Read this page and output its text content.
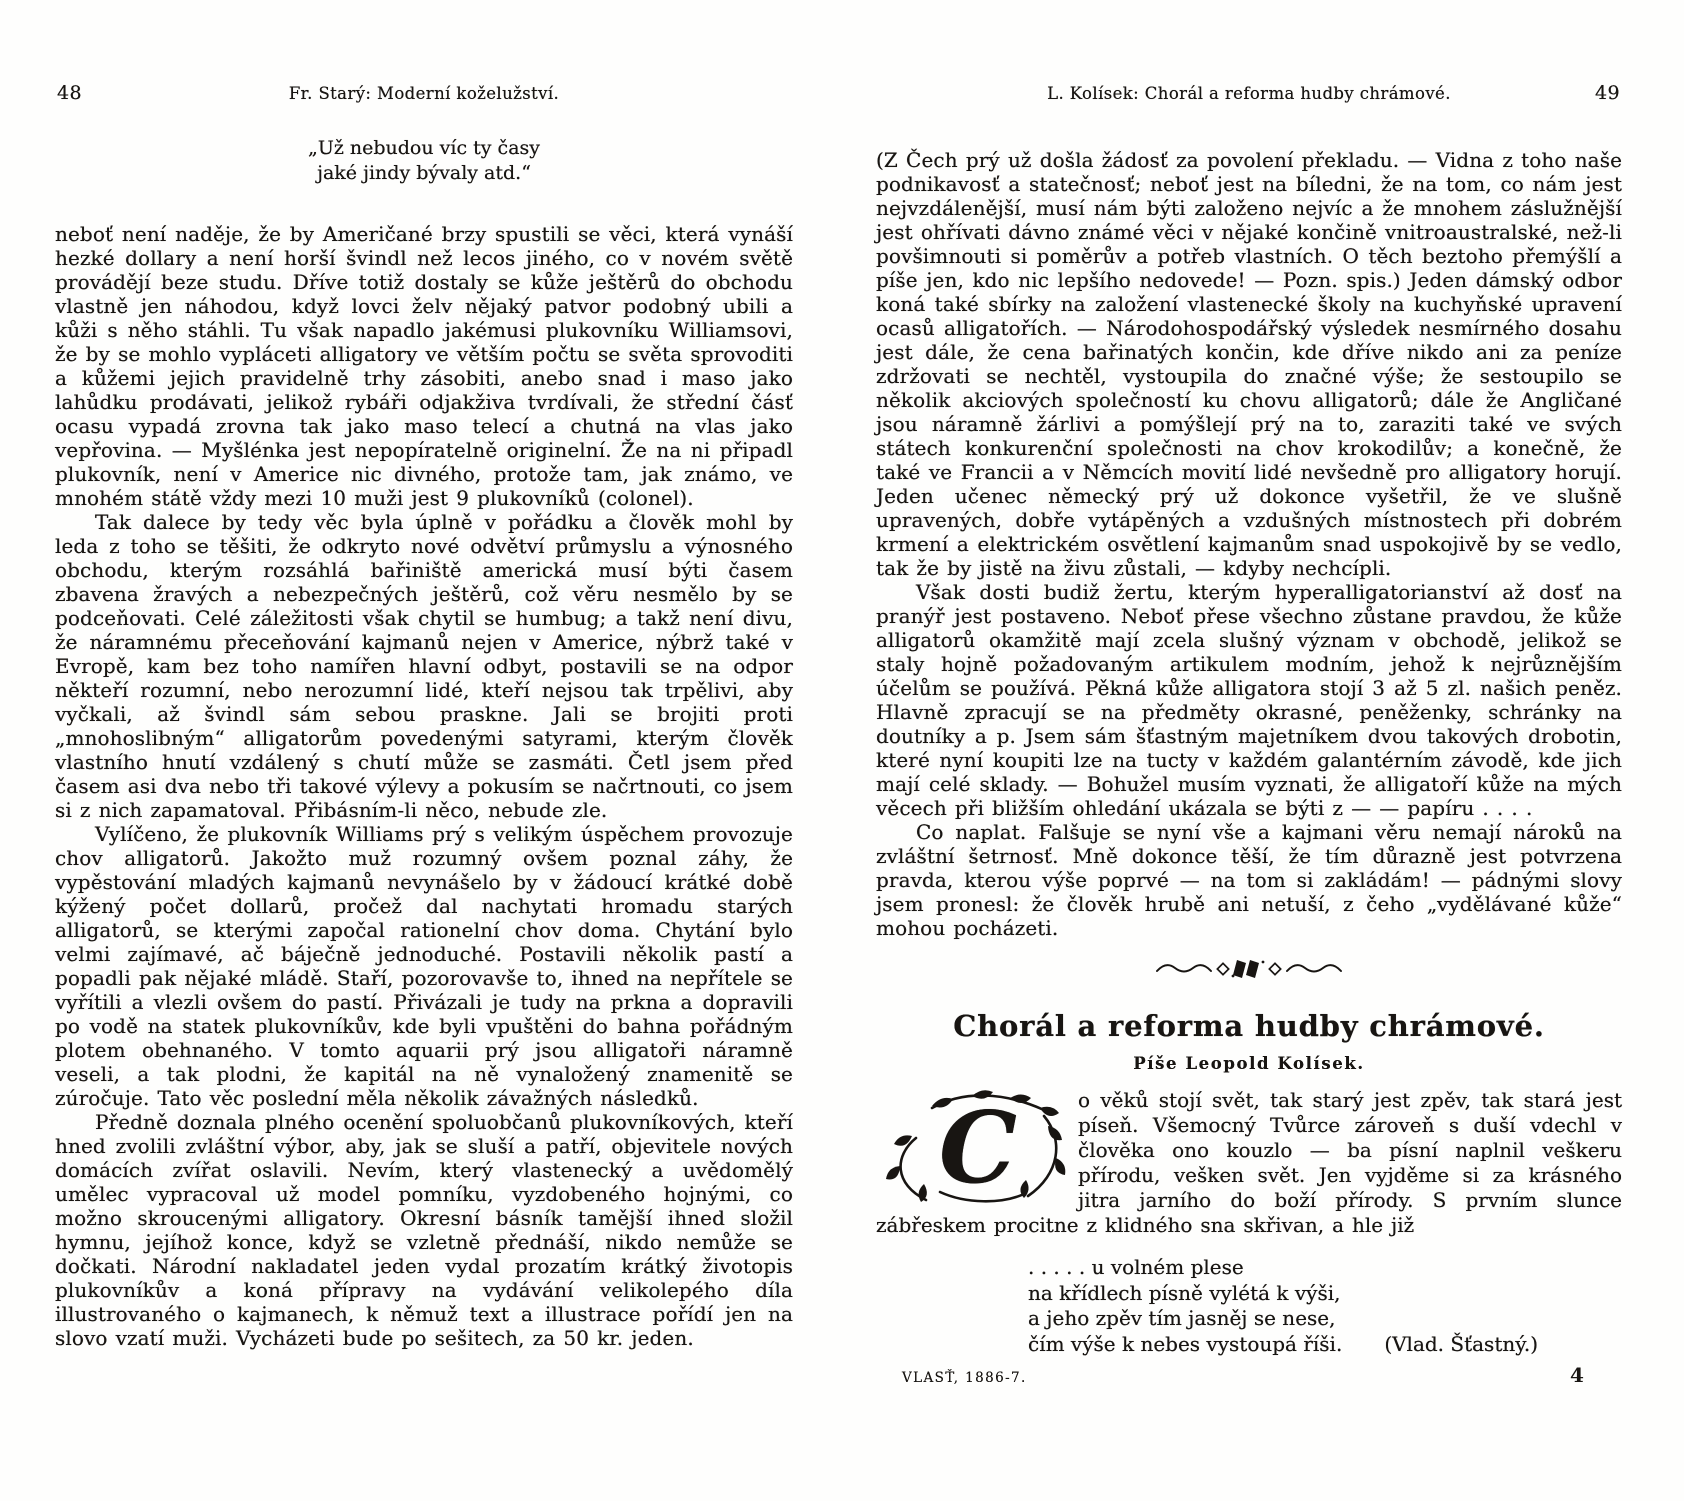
48	Fr. Starý: Moderní koželužství.
„Už nebudou víc ty časy
jaké jindy bývaly atd.“

neboť není naděje, že by Američané brzy spustili se věci, která vynáší hezké dollary a není horší švindl než lecos jiného, co v novém světě provádějí beze studu. Dříve totiž dostaly se kůže ještěrů do obchodu vlastně jen náhodou, když lovci želv nějaký patvor podobný ubili a kůži s něho stáhli. Tu však napadlo jakémusi plukovníku Williamsovi, že by se mohlo vypláceti alligatory ve větším počtu se světa sprovoditi a kůžemi jejich pravidelně trhy zásobiti, anebo snad i maso jako lahůdku prodávati, jelikož rybáři odjakživa tvrdívali, že střední čásť ocasu vypadá zrovna tak jako maso telecí a chutná na vlas jako vepřovina. — Myšlénka jest nepopíratelně originelní. Že na ni připadl plukovník, není v Americe nic divného, protože tam, jak známo, ve mnohém státě vždy mezi 10 muži jest 9 plukovníků (colonel).

Tak dalece by tedy věc byla úplně v pořádku a člověk mohl by leda z toho se těšiti, že odkryto nové odvětví průmyslu a výnosného obchodu, kterým rozsáhlá bařiniště americká musí býti časem zbavena žravých a nebezpečných ještěrů, což věru nesmělo by se podceňovati. Celé záležitosti však chytil se humbug; a takž není divu, že náramnému přeceňování kajmanů nejen v Americe, nýbrž také v Evropě, kam bez toho namířen hlavní odbyt, postavili se na odpor někteří rozumní, nebo nerozumní lidé, kteří nejsou tak trpělivi, aby vyčkali, až švindl sám sebou praskne. Jali se brojiti proti „mnohoslibným“ alligatorům povedenými satyrami, kterým člověk vlastního hnutí vzdálený s chutí může se zasmáti. Četl jsem před časem asi dva nebo tři takové výlevy a pokusím se načrtnouti, co jsem si z nich zapamatoval. Přibásním-li něco, nebude zle.

Vylíčeno, že plukovník Williams prý s velikým úspěchem provozuje chov alligatorů. Jakožto muž rozumný ovšem poznal záhy, že vypěstování mladých kajmanů nevynášelo by v žádoucí krátké době kýžený počet dollarů, pročež dal nachytati hromadu starých alligatorů, se kterými započal rationelní chov doma. Chytání bylo velmi zajímavé, ač báječně jednoduché. Postavili několik pastí a popadli pak nějaké mládě. Staří, pozorovavše to, ihned na nepřítele se vyřítili a vlezli ovšem do pastí. Přivázali je tudy na prkna a dopravili po vodě na statek plukovníkův, kde byli vpuštěni do bahna pořádným plotem obehnaného. V tomto aquarii prý jsou alligatoři náramně veseli, a tak plodni, že kapitál na ně vynaložený znamenitě se zúročuje. Tato věc poslední měla několik závažných následků.

Předně doznala plného ocenění spoluobčanů plukovníkových, kteří hned zvolili zvláštní výbor, aby, jak se sluší a patří, objevitele nových domácích zvířat oslavili. Nevím, který vlastenecký a uvědomělý umělec vypracoval už model pomníku, vyzdobeného hojnými, co možno skroucenými alligatory. Okresní básník tamější ihned složil hymnu, jejíhož konce, když se vzletně přednáší, nikdo nemůže se dočkati. Národní nakladatel jeden vydal prozatím krátký životopis plukovníkův a koná přípravy na vydávání velikolepého díla illustrovaného o kajmanech, k němuž text a illustrace pořídí jen na slovo vzatí muži. Vycházeti bude po sešitech, za 50 kr. jeden.

L. Kolísek: Chorál a reforma hudby chrámové.	49

(Z Čech prý už došla žádosť za povolení překladu. — Vidna z toho naše podnikavosť a statečnosť; neboť jest na bíledni, že na tom, co nám jest nejvzdálenější, musí nám býti založeno nejvíc a že mnohem záslužnější jest ohřívati dávno známé věci v nějaké končině vnitroaustralské, než-li povšimnouti si poměrův a potřeb vlastních. O těch beztoho přemýšlí a píše jen, kdo nic lepšího nedovede! — Pozn. spis.) Jeden dámský odbor koná také sbírky na založení vlastenecké školy na kuchyňské upravení ocasů alligatořích. — Národohospodářský výsledek nesmírného dosahu jest dále, že cena bařinatých končin, kde dříve nikdo ani za peníze zdržovati se nechtěl, vystoupila do značné výše; že sestoupilo se několik akciových společností ku chovu alligatorů; dále že Angličané jsou náramně žárlivi a pomýšlejí prý na to, zaraziti také ve svých státech konkurenční společnosti na chov krokodilův; a konečně, že také ve Francii a v Němcích movití lidé nevšedně pro alligatory horují. Jeden učenec německý prý už dokonce vyšetřil, že ve slušně upravených, dobře vytápěných a vzdušných místnostech při dobrém krmení a elektrickém osvětlení kajmanům snad uspokojivě by se vedlo, tak že by jistě na živu zůstali, — kdyby nechcípli.

Však dosti budiž žertu, kterým hyperalligatorianství až dosť na pranýř jest postaveno. Neboť přese všechno zůstane pravdou, že kůže alligatorů okamžitě mají zcela slušný význam v obchodě, jelikož se staly hojně požadovaným artikulem modním, jehož k nejrůznějším účelům se používá. Pěkná kůže alligatora stojí 3 až 5 zl. našich peněz. Hlavně zpracují se na předměty okrasné, peněženky, schránky na doutníky a p. Jsem sám šťastným majetníkem dvou takových drobotin, které nyní koupiti lze na tucty v každém galantérním závodě, kde jich mají celé sklady. — Bohužel musím vyznati, že alligatoří kůže na mých věcech při bližším ohledání ukázala se býti z — — papíru . . . .

Co naplat. Falšuje se nyní vše a kajmani věru nemají nároků na zvláštní šetrnosť. Mně dokonce těší, že tím důrazně jest potvrzena pravda, kterou výše poprvé — na tom si zakládám! — pádnými slovy jsem pronesl: že člověk hrubě ani netuší, z čeho „vydělávané kůže“ mohou pocházeti.

Chorál a reforma hudby chrámové.
Píše Leopold Kolísek.
C	o věků stojí svět, tak starý jest zpěv, tak stará jest píseň. Všemocný Tvůrce zároveň s duší vdechl v člověka ono kouzlo — ba písní naplnil veškeru přírodu, vešken svět. Jen vyjděme si za krásného jitra jarního do boží přírody. S prvním slunce zábřeskem procitne z klidného sna skřivan, a hle již
. . . . . u volném plese
na křídlech písně vylétá k výši,
a jeho zpěv tím jasněj se nese,
čím výše k nebes vystoupá říši. (Vlad. Šťastný.)
VLASŤ, 1886-7.	4
